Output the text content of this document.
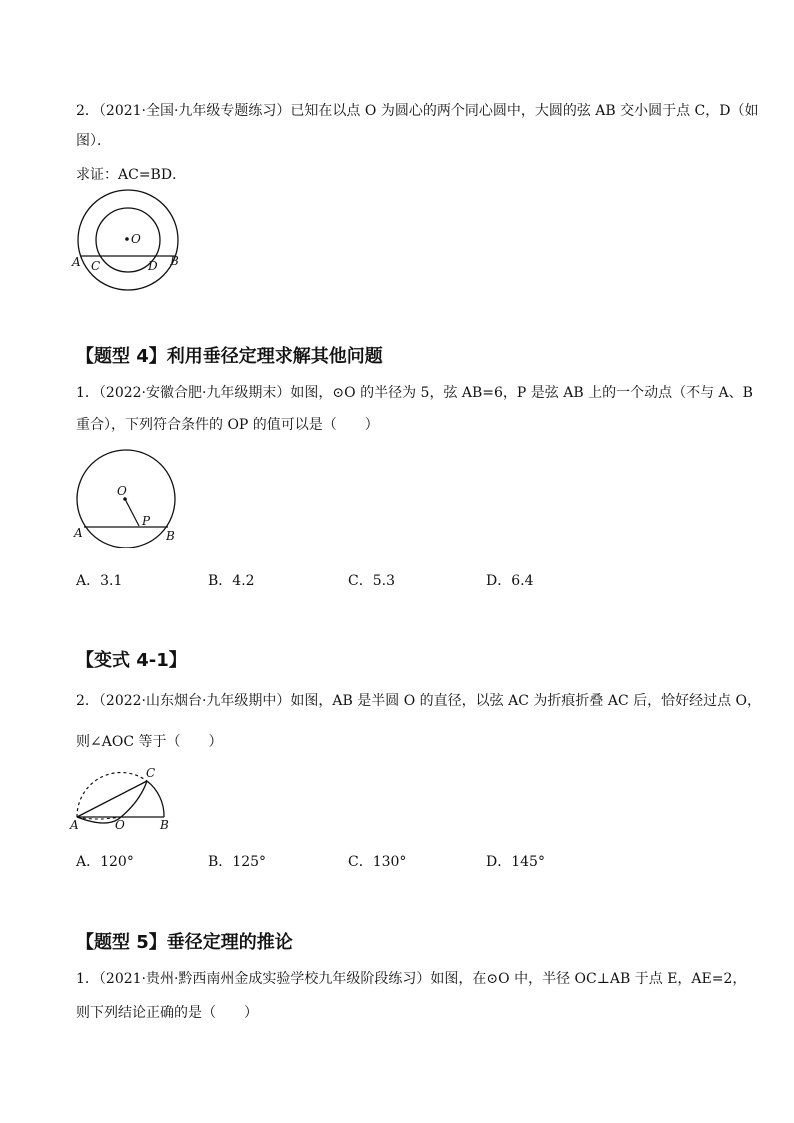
2．（2021·全国·九年级专题练习）已知在以点 O 为圆心的两个同心圆中，大圆的弦 AB 交小圆于点 C，D（如
图）．
求证：AC=BD．
O
A C	D B
【题型 4】利用垂径定理求解其他问题
1．（2022·安徽合肥·九年级期末）如图，⊙O 的半径为 5，弦 AB=6，P 是弦 AB 上的一个动点（不与 A、B
重合），下列符合条件的 OP 的值可以是（　　）
O
P
A	B
A．3.1	B．4.2	C．5.3	D．6.4
【变式 4-1】
2．（2022·山东烟台·九年级期中）如图，AB 是半圆 O 的直径，以弦 AC 为折痕折叠 AC 后，恰好经过点 O，
则∠AOC 等于（　　）
C
A	O	B
A．120°	B．125°	C．130°	D．145°
【题型 5】垂径定理的推论
1．（2021·贵州·黔西南州金成实验学校九年级阶段练习）如图，在⊙O 中，半径 OC⊥AB 于点 E，AE=2，
则下列结论正确的是（　　）
